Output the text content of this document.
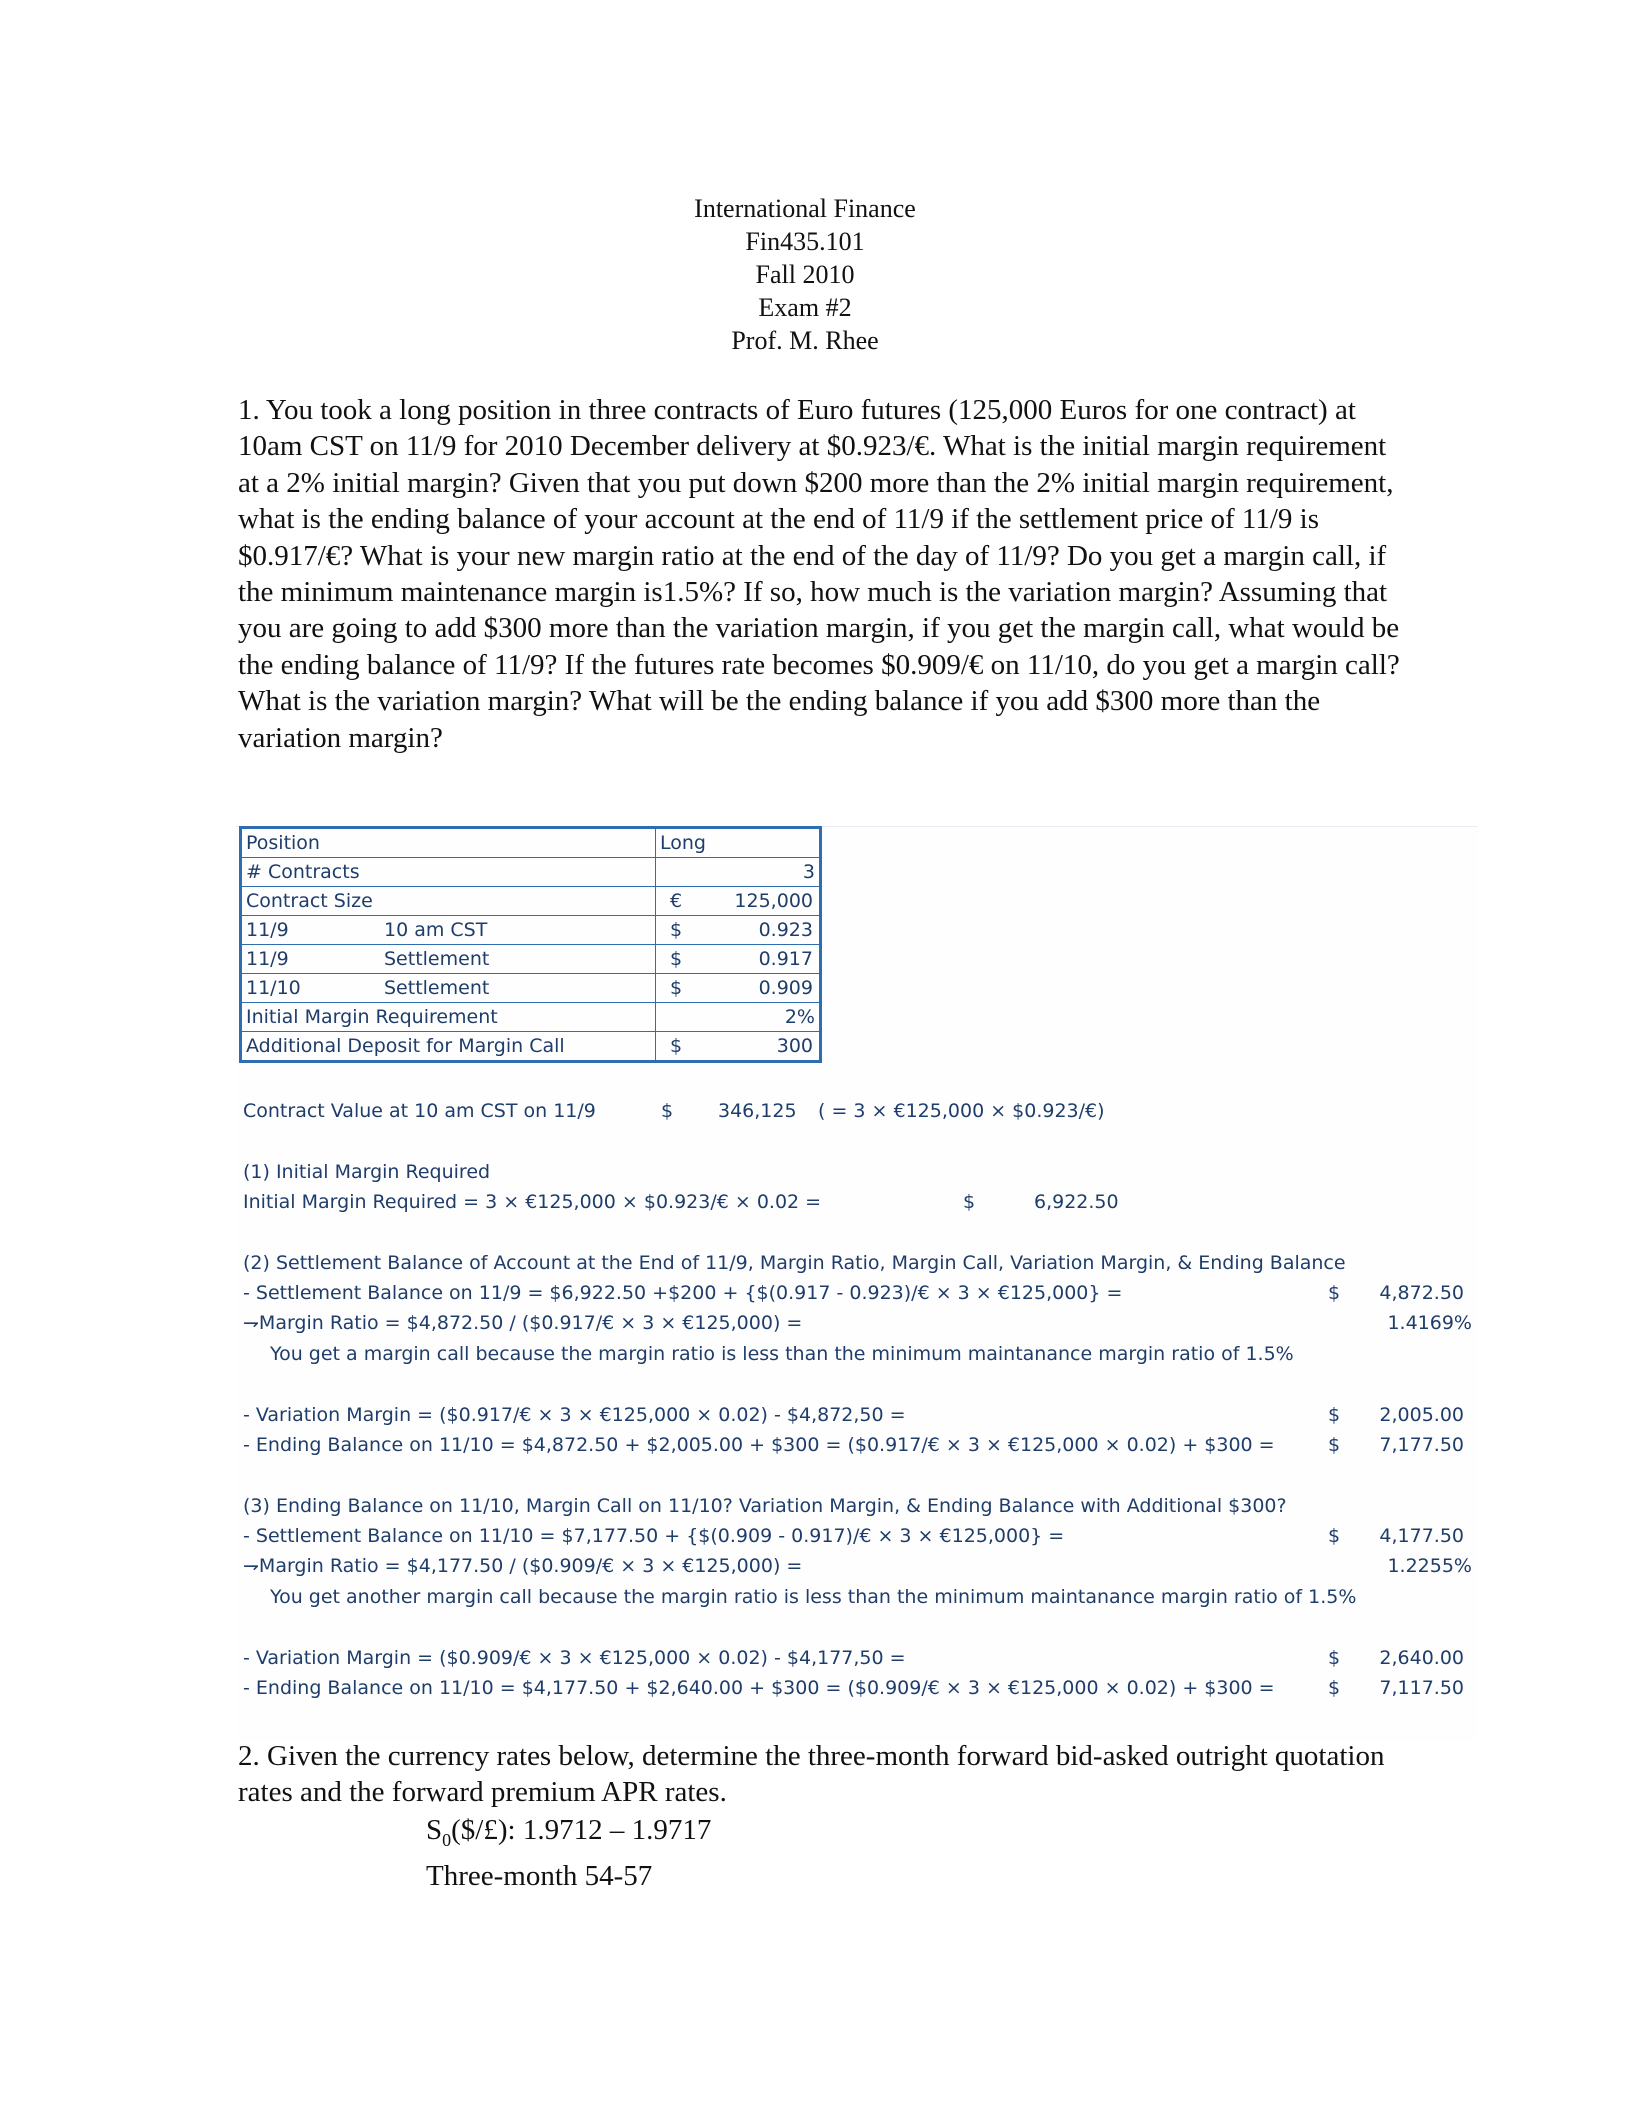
International Finance
Fin435.101
Fall 2010
Exam #2
Prof. M. Rhee
1. You took a long position in three contracts of Euro futures (125,000 Euros for one contract) at 10am CST on 11/9 for 2010 December delivery at $0.923/€. What is the initial margin requirement at a 2% initial margin? Given that you put down $200 more than the 2% initial margin requirement, what is the ending balance of your account at the end of 11/9 if the settlement price of 11/9 is $0.917/€? What is your new margin ratio at the end of the day of 11/9? Do you get a margin call, if the minimum maintenance margin is1.5%? If so, how much is the variation margin? Assuming that you are going to add $300 more than the variation margin, if you get the margin call, what would be the ending balance of 11/9? If the futures rate becomes $0.909/€ on 11/10, do you get a margin call? What is the variation margin? What will be the ending balance if you add $300 more than the variation margin?
Position	Long
# Contracts	3
Contract Size	€ 125,000

11/9 10 am CST	$ 0.923

11/9 Settlement	$ 0.917

11/10 Settlement	$ 0.909

Initial Margin Requirement	2%
Additional Deposit for Margin Call	$ 300
Contract Value at 10 am CST on 11/9	$ 346,125 ( = 3 × €125,000 × $0.923/€)
(1) Initial Margin Required
Initial Margin Required = 3 × €125,000 × $0.923/€ × 0.02 =	$	6,922.50
(2) Settlement Balance of Account at the End of 11/9, Margin Ratio, Margin Call, Variation Margin, & Ending Balance
- Settlement Balance on 11/9 = $6,922.50 +$200 + {$(0.917 - 0.923)/€ × 3 × €125,000} =	$ 4,872.50
⇁Margin Ratio = $4,872.50 / ($0.917/€ × 3 × €125,000) =	1.4169%
You get a margin call because the margin ratio is less than the minimum maintanance margin ratio of 1.5%
- Variation Margin = ($0.917/€ × 3 × €125,000 × 0.02) - $4,872,50 =	$	2,005.00
- Ending Balance on 11/10 = $4,872.50 + $2,005.00 + $300 = ($0.917/€ × 3 × €125,000 × 0.02) + $300 =	$	7,177.50
(3) Ending Balance on 11/10, Margin Call on 11/10? Variation Margin, & Ending Balance with Additional $300?
- Settlement Balance on 11/10 = $7,177.50 + {$(0.909 - 0.917)/€ × 3 × €125,000} =	$	4,177.50
⇁Margin Ratio = $4,177.50 / ($0.909/€ × 3 × €125,000) =	1.2255%
You get another margin call because the margin ratio is less than the minimum maintanance margin ratio of 1.5%
- Variation Margin = ($0.909/€ × 3 × €125,000 × 0.02) - $4,177,50 =	$	2,640.00
- Ending Balance on 11/10 = $4,177.50 + $2,640.00 + $300 = ($0.909/€ × 3 × €125,000 × 0.02) + $300 =	$	7,117.50
2. Given the currency rates below, determine the three-month forward bid-asked outright quotation rates and the forward premium APR rates.
$S_0(\$/£)$: 1.9712 – 1.9717
Three-month 54-57
